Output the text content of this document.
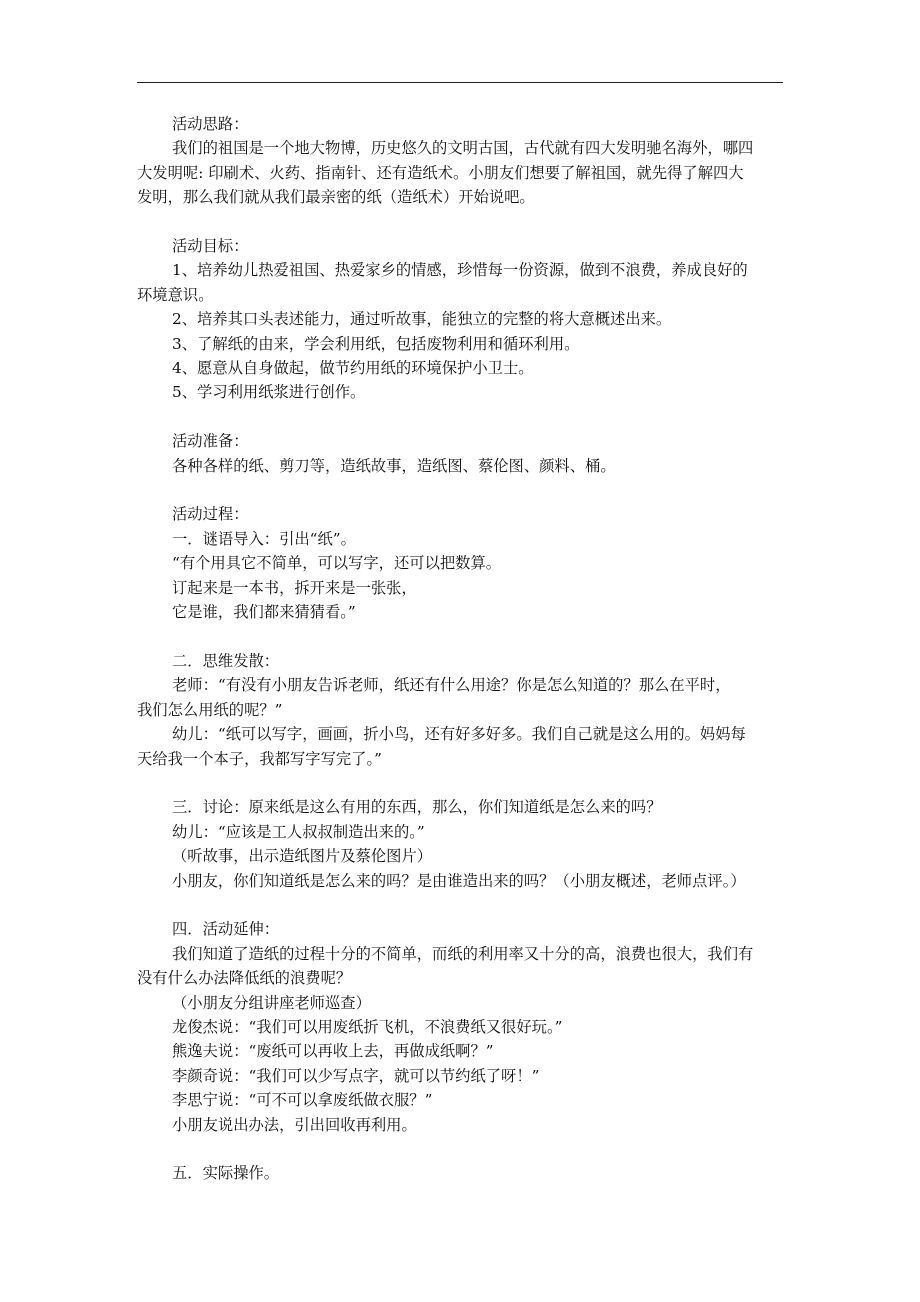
活动思路：

我们的祖国是一个地大物博，历史悠久的文明古国，古代就有四大发明驰名海外，哪四

大发明呢: 印刷术、火药、指南针、还有造纸术。小朋友们想要了解祖国，就先得了解四大

发明，那么我们就从我们最亲密的纸（造纸术）开始说吧。

活动目标：

1、培养幼儿热爱祖国、热爱家乡的情感，珍惜每一份资源，做到不浪费，养成良好的

环境意识。

2、培养其口头表述能力，通过听故事，能独立的完整的将大意概述出来。

3、了解纸的由来，学会利用纸，包括废物利用和循环利用。

4、愿意从自身做起，做节约用纸的环境保护小卫士。

5、学习利用纸浆进行创作。

活动准备：

各种各样的纸、剪刀等，造纸故事，造纸图、蔡伦图、颜料、桶。

活动过程：

一．谜语导入：引出“纸”。

“有个用具它不简单，可以写字，还可以把数算。

订起来是一本书，拆开来是一张张，

它是谁，我们都来猜猜看。”

二．思维发散：

老师：“有没有小朋友告诉老师，纸还有什么用途？你是怎么知道的？那么在平时，

我们怎么用纸的呢？”

幼儿：“纸可以写字，画画，折小鸟，还有好多好多。我们自己就是这么用的。妈妈每

天给我一个本子，我都写字写完了。”

三．讨论：原来纸是这么有用的东西，那么，你们知道纸是怎么来的吗？

幼儿：“应该是工人叔叔制造出来的。”

（听故事，出示造纸图片及蔡伦图片）

小朋友，你们知道纸是怎么来的吗？是由谁造出来的吗？（小朋友概述，老师点评。）

四．活动延伸：

我们知道了造纸的过程十分的不简单，而纸的利用率又十分的高，浪费也很大，我们有

没有什么办法降低纸的浪费呢？

（小朋友分组讲座老师巡查）

龙俊杰说：“我们可以用废纸折飞机，不浪费纸又很好玩。”

熊逸夫说：“废纸可以再收上去，再做成纸啊？”

李颜奇说：“我们可以少写点字，就可以节约纸了呀！”

李思宁说：“可不可以拿废纸做衣服？”

小朋友说出办法，引出回收再利用。

五．实际操作。
